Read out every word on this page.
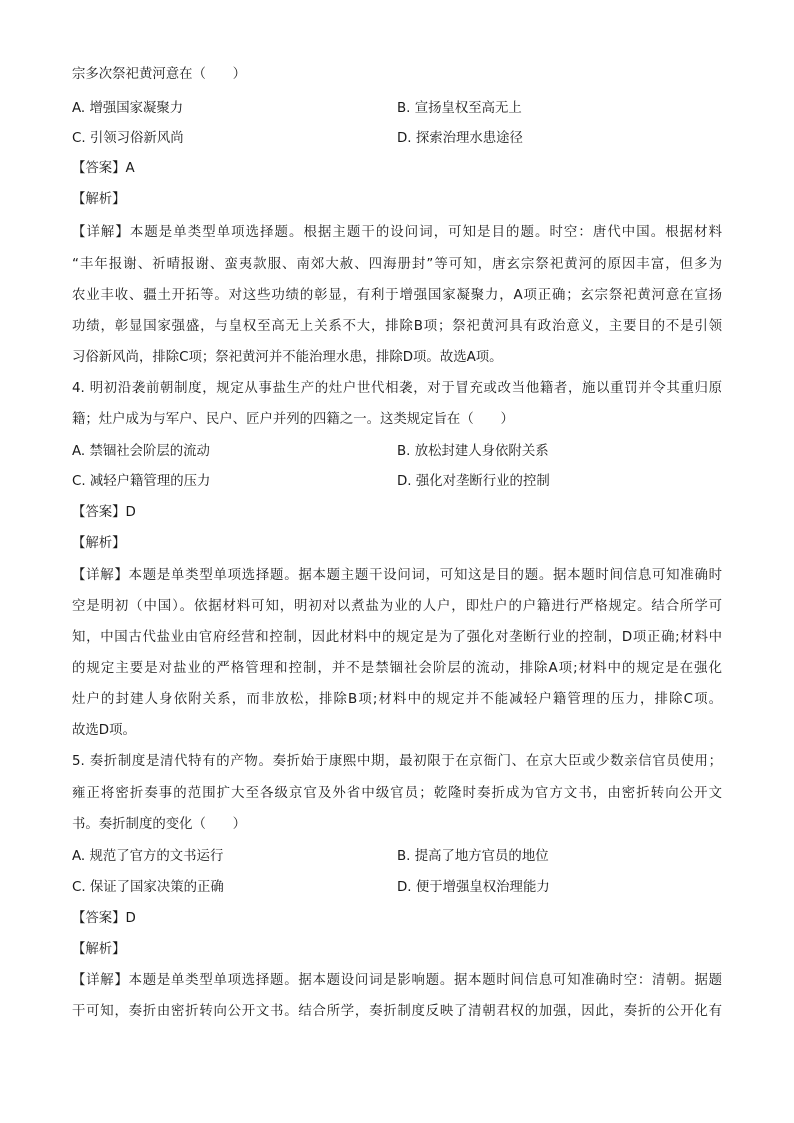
宗多次祭祀黄河意在（　　）
A. 增强国家凝聚力	B. 宣扬皇权至高无上
C. 引领习俗新风尚	D. 探索治理水患途径
【答案】A
【解析】
【详解】本题是单类型单项选择题。根据主题干的设问词，可知是目的题。时空：唐代中国。根据材料
“丰年报谢、祈晴报谢、蛮夷款服、南郊大赦、四海册封”等可知，唐玄宗祭祀黄河的原因丰富，但多为
农业丰收、疆土开拓等。对这些功绩的彰显，有利于增强国家凝聚力，A项正确；玄宗祭祀黄河意在宣扬
功绩，彰显国家强盛，与皇权至高无上关系不大，排除B项；祭祀黄河具有政治意义，主要目的不是引领
习俗新风尚，排除C项；祭祀黄河并不能治理水患，排除D项。故选A项。
4. 明初沿袭前朝制度，规定从事盐生产的灶户世代相袭，对于冒充或改当他籍者，施以重罚并令其重归原
籍；灶户成为与军户、民户、匠户并列的四籍之一。这类规定旨在（　　）
A. 禁锢社会阶层的流动	B. 放松封建人身依附关系
C. 减轻户籍管理的压力	D. 强化对垄断行业的控制
【答案】D
【解析】
【详解】本题是单类型单项选择题。据本题主题干设问词，可知这是目的题。据本题时间信息可知准确时
空是明初（中国）。依据材料可知，明初对以煮盐为业的人户，即灶户的户籍进行严格规定。结合所学可
知，中国古代盐业由官府经营和控制，因此材料中的规定是为了强化对垄断行业的控制，D项正确;材料中
的规定主要是对盐业的严格管理和控制，并不是禁锢社会阶层的流动，排除A项;材料中的规定是在强化
灶户的封建人身依附关系，而非放松，排除B项;材料中的规定并不能减轻户籍管理的压力，排除C项。
故选D项。
5. 奏折制度是清代特有的产物。奏折始于康熙中期，最初限于在京衙门、在京大臣或少数亲信官员使用；
雍正将密折奏事的范围扩大至各级京官及外省中级官员；乾隆时奏折成为官方文书，由密折转向公开文
书。奏折制度的变化（　　）
A. 规范了官方的文书运行	B. 提高了地方官员的地位
C. 保证了国家决策的正确	D. 便于增强皇权治理能力
【答案】D
【解析】
【详解】本题是单类型单项选择题。据本题设问词是影响题。据本题时间信息可知准确时空：清朝。据题
干可知，奏折由密折转向公开文书。结合所学，奏折制度反映了清朝君权的加强，因此，奏折的公开化有
